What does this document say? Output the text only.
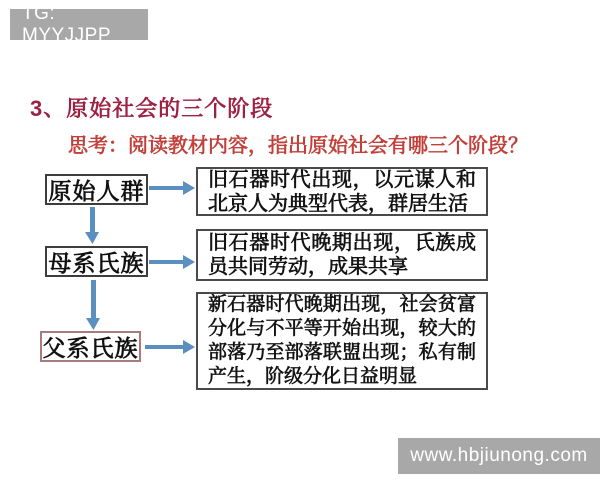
TG: MYYJJPP
3、原始社会的三个阶段
思考：阅读教材内容，指出原始社会有哪三个阶段？
原始人群	旧石器时代出现，以元谋人和北京人为典型代表，群居生活
母系氏族
旧石器时代晚期出现，氏族成员共同劳动，成果共享
父系氏族
新石器时代晚期出现，社会贫富分化与不平等开始出现，较大的部落乃至部落联盟出现；私有制产生，阶级分化日益明显
www.hbjiunong.com
